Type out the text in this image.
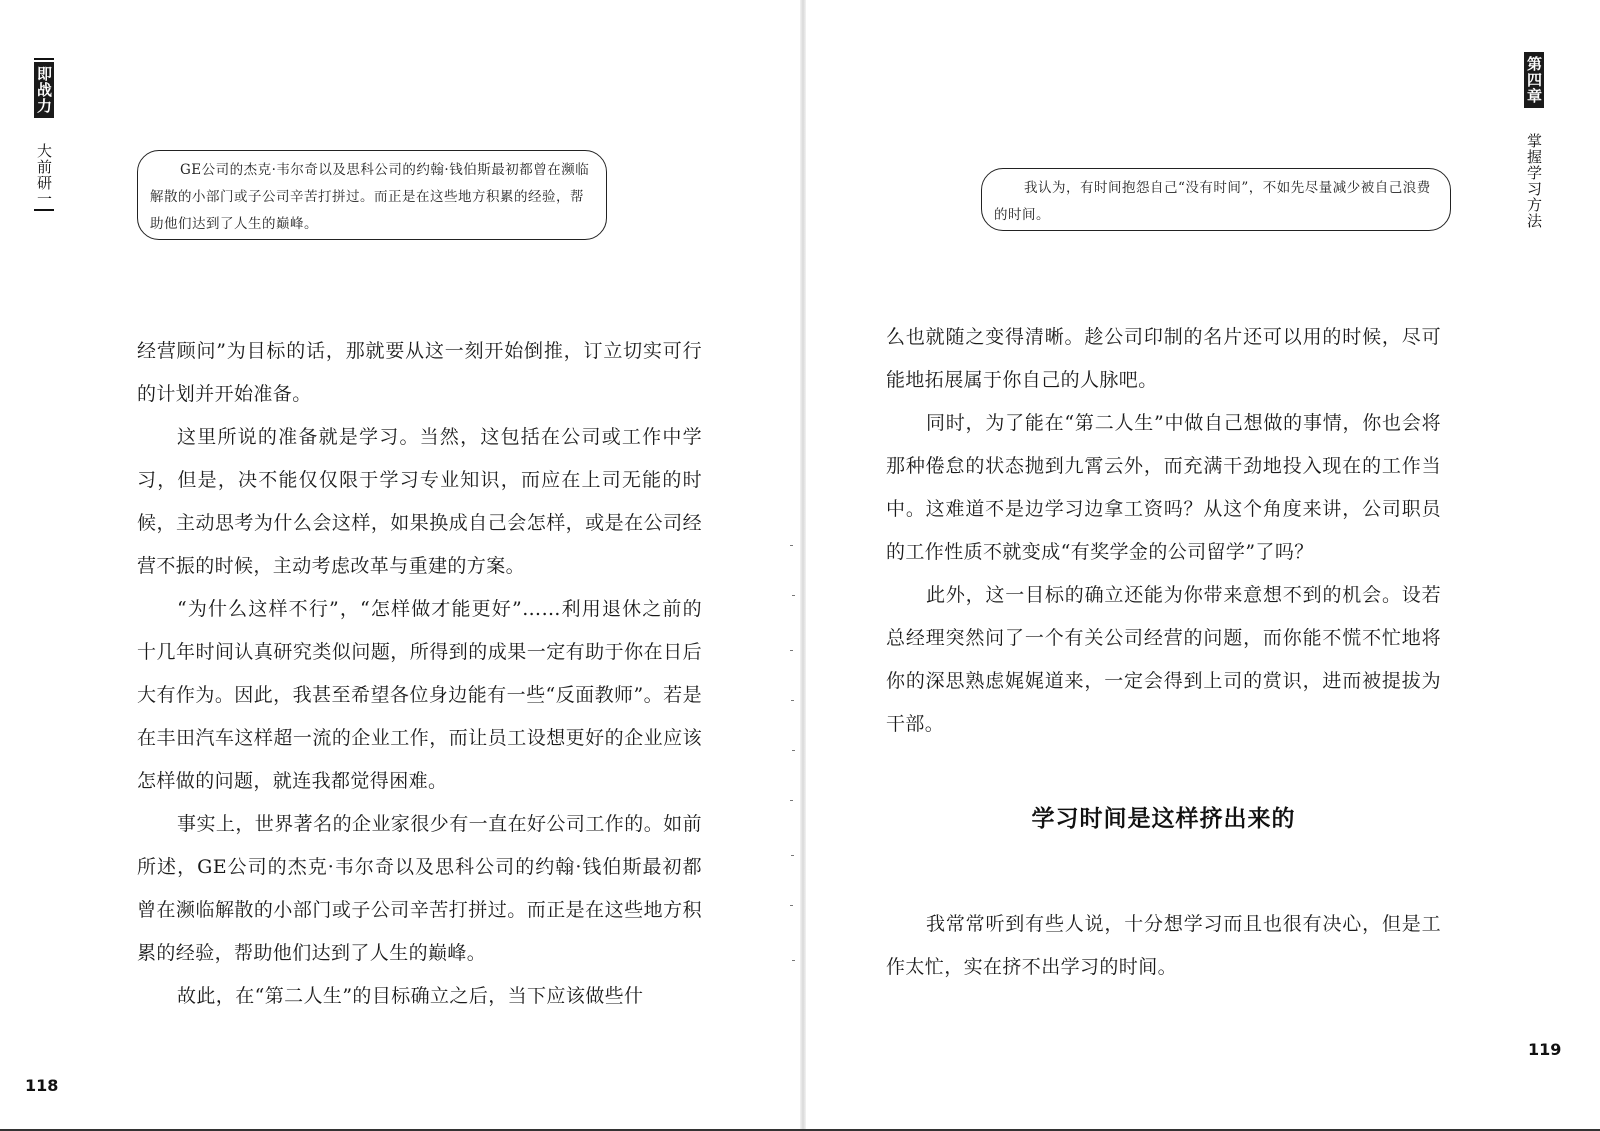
即战力 大前研一	GE公司的杰克·韦尔奇以及思科公司的约翰·钱伯斯最初都曾在濒临解散的小部门或子公司辛苦打拼过。而正是在这些地方积累的经验，帮助他们达到了人生的巅峰。

经营顾问”为目标的话，那就要从这一刻开始倒推，订立切实可行的计划并开始准备。

这里所说的准备就是学习。当然，这包括在公司或工作中学习，但是，决不能仅仅限于学习专业知识，而应在上司无能的时候，主动思考为什么会这样，如果换成自己会怎样，或是在公司经营不振的时候，主动考虑改革与重建的方案。

“为什么这样不行”，“怎样做才能更好”……利用退休之前的十几年时间认真研究类似问题，所得到的成果一定有助于你在日后大有作为。因此，我甚至希望各位身边能有一些“反面教师”。若是在丰田汽车这样超一流的企业工作，而让员工设想更好的企业应该怎样做的问题，就连我都觉得困难。

事实上，世界著名的企业家很少有一直在好公司工作的。如前所述，GE公司的杰克·韦尔奇以及思科公司的约翰·钱伯斯最初都曾在濒临解散的小部门或子公司辛苦打拼过。而正是在这些地方积累的经验，帮助他们达到了人生的巅峰。

故此，在“第二人生”的目标确立之后，当下应该做些什

118
我认为，有时间抱怨自己“没有时间”，不如先尽量减少被自己浪费的时间。
第四章 掌握学习方法

么也就随之变得清晰。趁公司印制的名片还可以用的时候，尽可能地拓展属于你自己的人脉吧。

同时，为了能在“第二人生”中做自己想做的事情，你也会将那种倦怠的状态抛到九霄云外，而充满干劲地投入现在的工作当中。这难道不是边学习边拿工资吗？从这个角度来讲，公司职员的工作性质不就变成“有奖学金的公司留学”了吗？

此外，这一目标的确立还能为你带来意想不到的机会。设若总经理突然问了一个有关公司经营的问题，而你能不慌不忙地将你的深思熟虑娓娓道来，一定会得到上司的赏识，进而被提拔为干部。

学习时间是这样挤出来的

我常常听到有些人说，十分想学习而且也很有决心，但是工作太忙，实在挤不出学习的时间。

119
